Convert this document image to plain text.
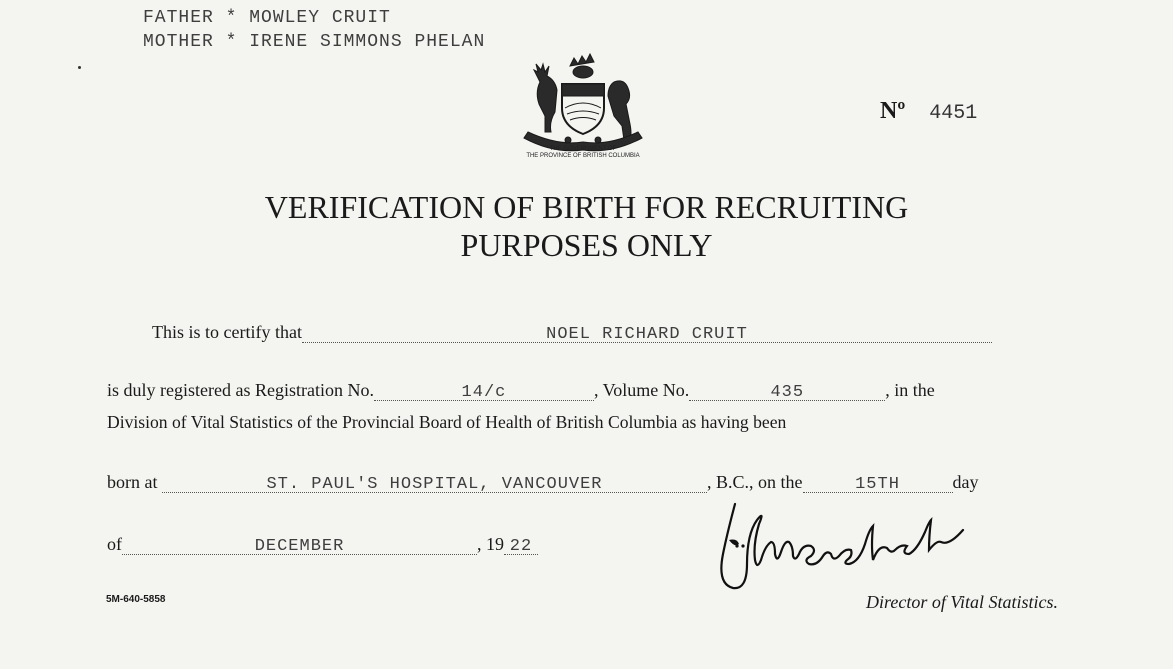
FATHER * MOWLEY CRUIT
MOTHER * IRENE SIMMONS PHELAN
THE GOVERNMENT OF
THE PROVINCE OF BRITISH COLUMBIA
Nº 4451
VERIFICATION OF BIRTH FOR RECRUITING
PURPOSES ONLY
This is to certify that	NOEL RICHARD CRUIT
is duly registered as Registration No.	14/c	, Volume No.	435	, in the
Division of Vital Statistics of the Provincial Board of Health of British Columbia as having been
born at	ST. PAUL'S HOSPITAL, VANCOUVER	, B.C., on the	15TH	day
of	DECEMBER	, 19 22
5M-640-5858	Director of Vital Statistics.
